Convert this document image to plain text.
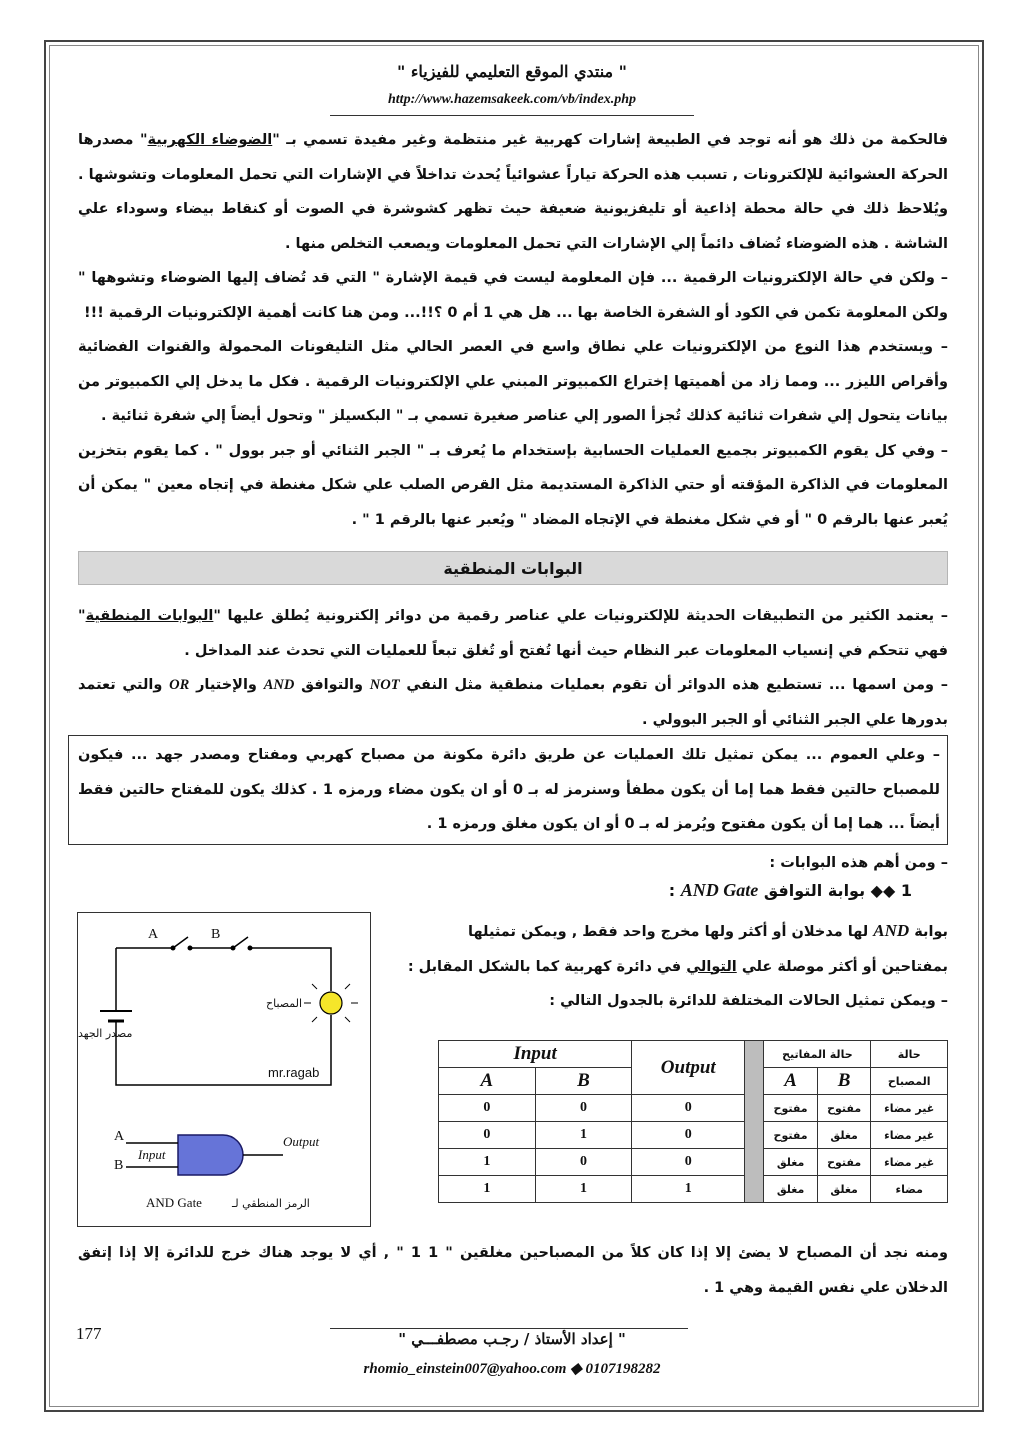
" منتدي الموقع التعليمي للفيزياء "
http://www.hazemsakeek.com/vb/index.php

فالحكمة من ذلك هو أنه توجد في الطبيعة إشارات كهربية غير منتظمة وغير مفيدة تسمي بـ "الضوضاء الكهربية" مصدرها الحركة العشوائية للإلكترونات , تسبب هذه الحركة تياراً عشوائياً يُحدث تداخلاً في الإشارات التي تحمل المعلومات وتشوشها . ويُلاحظ ذلك في حالة محطة إذاعية أو تليفزيونية ضعيفة حيث تظهر كشوشرة في الصوت أو كنقاط بيضاء وسوداء علي الشاشة . هذه الضوضاء تُضاف دائماً إلي الإشارات التي تحمل المعلومات ويصعب التخلص منها .

– ولكن في حالة الإلكترونيات الرقمية ... فإن المعلومة ليست في قيمة الإشارة " التي قد تُضاف إليها الضوضاء وتشوهها " ولكن المعلومة تكمن في الكود أو الشفرة الخاصة بها ... هل هي 1 أم 0 ؟!!... ومن هنا كانت أهمية الإلكترونيات الرقمية !!!

– ويستخدم هذا النوع من الإلكترونيات علي نطاق واسع في العصر الحالي مثل التليفونات المحمولة والقنوات الفضائية وأقراص الليزر ... ومما زاد من أهميتها إختراع الكمبيوتر المبني علي الإلكترونيات الرقمية . فكل ما يدخل إلي الكمبيوتر من بيانات يتحول إلي شفرات ثنائية كذلك تُجزأ الصور إلي عناصر صغيرة تسمي بـ " البكسيلز " وتحول أيضاً إلي شفرة ثنائية .

– وفي كل يقوم الكمبيوتر بجميع العمليات الحسابية بإستخدام ما يُعرف بـ " الجبر الثنائي أو جبر بوول " . كما يقوم بتخزين المعلومات في الذاكرة المؤقته أو حتي الذاكرة المستديمة مثل القرص الصلب علي شكل مغنطة في إتجاه معين " يمكن أن يُعبر عنها بالرقم 0 " أو في شكل مغنطة في الإتجاه المضاد " ويُعبر عنها بالرقم 1 " .

البوابات المنطقية

– يعتمد الكثير من التطبيقات الحديثة للإلكترونيات علي عناصر رقمية من دوائر إلكترونية يُطلق عليها "البوابات المنطقية" فهي تتحكم في إنسياب المعلومات عبر النظام حيث أنها تُفتح أو تُغلق تبعاً للعمليات التي تحدث عند المداخل .

– ومن اسمها ... تستطيع هذه الدوائر أن تقوم بعمليات منطقية مثل النفي NOT والتوافق AND والإختيار OR والتي تعتمد بدورها علي الجبر الثنائي أو الجبر البوولي .

– وعلي العموم ... يمكن تمثيل تلك العمليات عن طريق دائرة مكونة من مصباح كهربي ومفتاح ومصدر جهد ... فيكون للمصباح حالتين فقط هما إما أن يكون مطفأ وسنرمز له بـ 0 أو ان يكون مضاء ورمزه 1 . كذلك يكون للمفتاح حالتين فقط أيضاً ... هما إما أن يكون مفتوح ويُرمز له بـ 0 أو ان يكون مغلق ورمزه 1 .
– ومن أهم هذه البوابات :
1 ◆◆ بوابة التوافق AND Gate :

بوابة AND لها مدخلان أو أكثر ولها مخرج واحد فقط , ويمكن تمثيلها

بمفتاحين أو أكثر موصلة علي التوالي في دائرة كهربية كما بالشكل المقابل :

– ويمكن تمثيل الحالات المختلفة للدائرة بالجدول التالي :

A	B
المصباح
مصدر الجهد
mr.ragab
A
B
Input
Output
AND Gate	الرمز المنطقي لـ
Input		Output		حالة المفاتيح		حالة
A	B			A	B	المصباح
0	0	0		مفتوح	مفتوح	غير مضاء
0	1	0		مفتوح	مغلق	غير مضاء
1	0	0		مغلق	مفتوح	غير مضاء
1	1	1		مغلق	مغلق	مضاء

ومنه نجد أن المصباح لا يضئ إلا إذا كان كلاً من المصباحين مغلقين " 1 1 " , أي لا يوجد هناك خرج للدائرة إلا إذا إتفق الدخلان علي نفس القيمة وهي 1 .

177	" إعداد الأستاذ / رجـب مصطفـــي "
rhomio_einstein007@yahoo.com ◆ 0107198282
